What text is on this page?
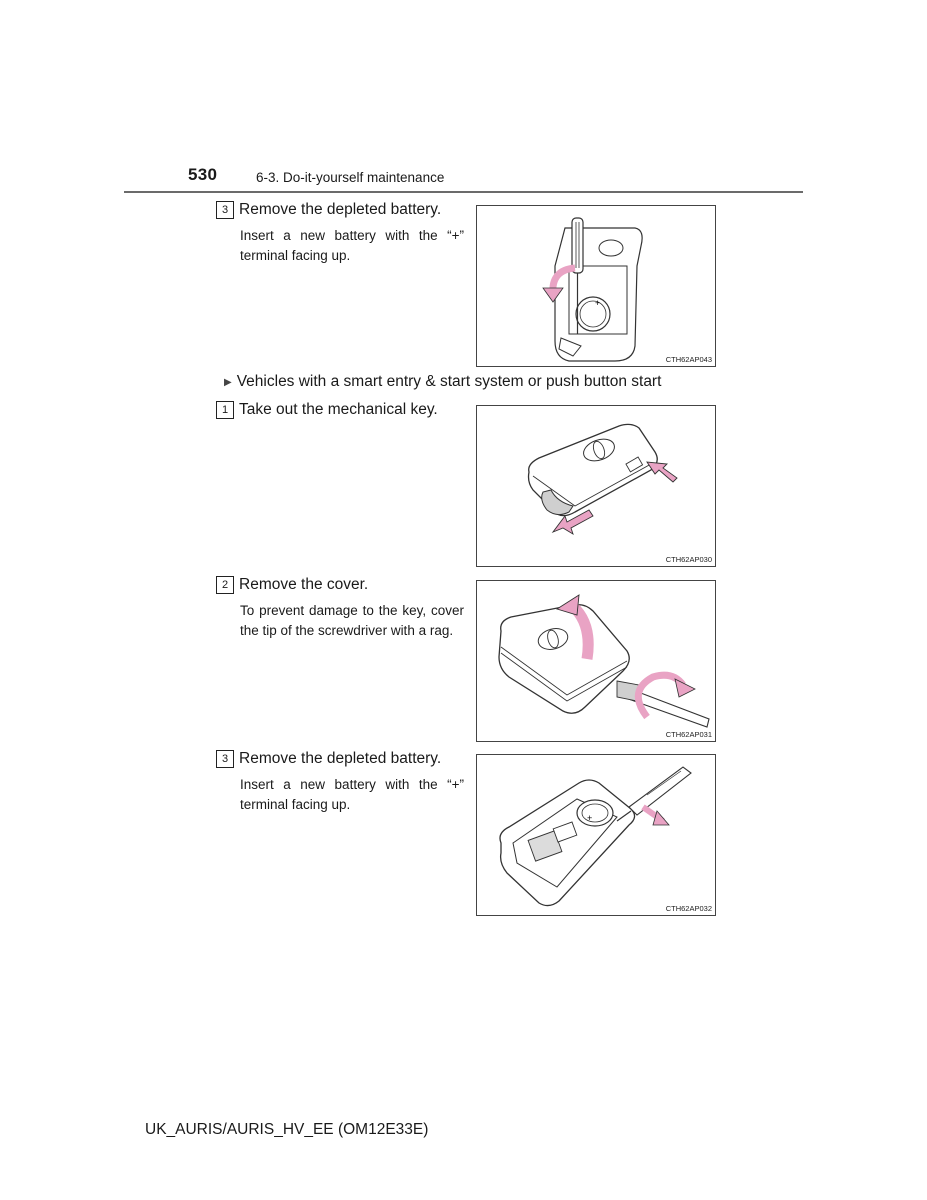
530	6-3. Do-it-yourself maintenance
3 Remove the depleted battery.
Insert a new battery with the “+” terminal facing up.
+
CTH62AP043
▶ Vehicles with a smart entry & start system or push button start
1 Take out the mechanical key.
CTH62AP030
2 Remove the cover.
To prevent damage to the key, cover the tip of the screwdriver with a rag.
CTH62AP031
3 Remove the depleted battery.
Insert a new battery with the “+” terminal facing up.
+
CTH62AP032
UK_AURIS/AURIS_HV_EE (OM12E33E)
